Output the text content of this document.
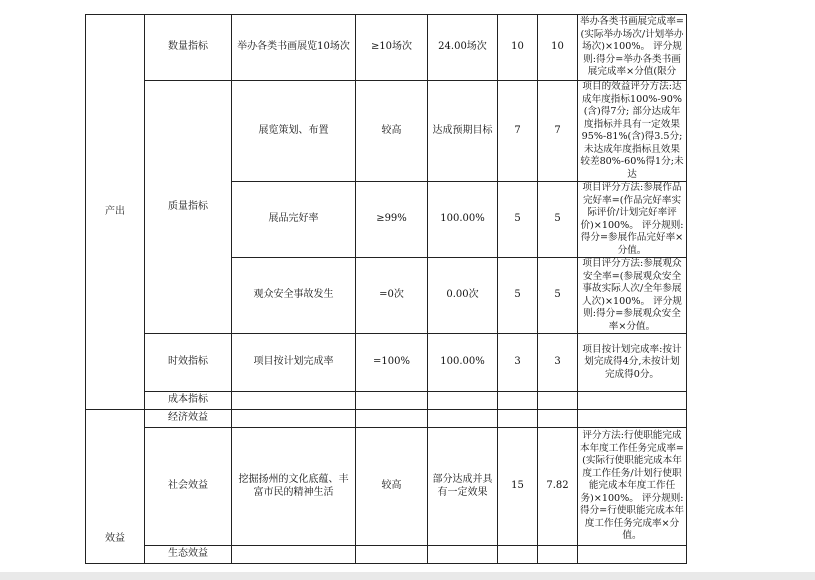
产出	数量指标	举办各类书画展览10场次	≥10场次	24.00场次	10	10	举办各类书画展完成率=(实际举办场次/计划举办场次)×100%。 评分规则:得分=举办各类书画展完成率×分值(限分
	质量指标	展览策划、布置	较高	达成预期目标	7	7	项目的效益评分方法:达成年度指标100%-90%(含)得7分; 部分达成年度指标并具有一定效果95%-81%(含)得3.5分; 未达成年度指标且效果较差80%-60%得1分;未达
		展品完好率	≥99%	100.00%	5	5	项目评分方法:参展作品完好率=(作品完好率实际评价/计划完好率评价)×100%。 评分规则:得分=参展作品完好率×分值。
		观众安全事故发生	=0次	0.00次	5	5	项目评分方法:参展观众安全率=(参展观众安全事故实际人次/全年参展人次)×100%。 评分规则:得分=参展观众安全率×分值。
	时效指标	项目按计划完成率	=100%	100.00%	3	3	项目按计划完成率:按计划完成得4分,未按计划完成得0分。
	成本指标						
效益	经济效益						
	社会效益	挖掘扬州的文化底蕴、丰富市民的精神生活	较高	部分达成并具有一定效果	15	7.82	评分方法:行使职能完成本年度工作任务完成率=(实际行使职能完成本年度工作任务/计划行使职能完成本年度工作任务)×100%。 评分规则:得分=行使职能完成本年度工作任务完成率×分值。
	生态效益						
